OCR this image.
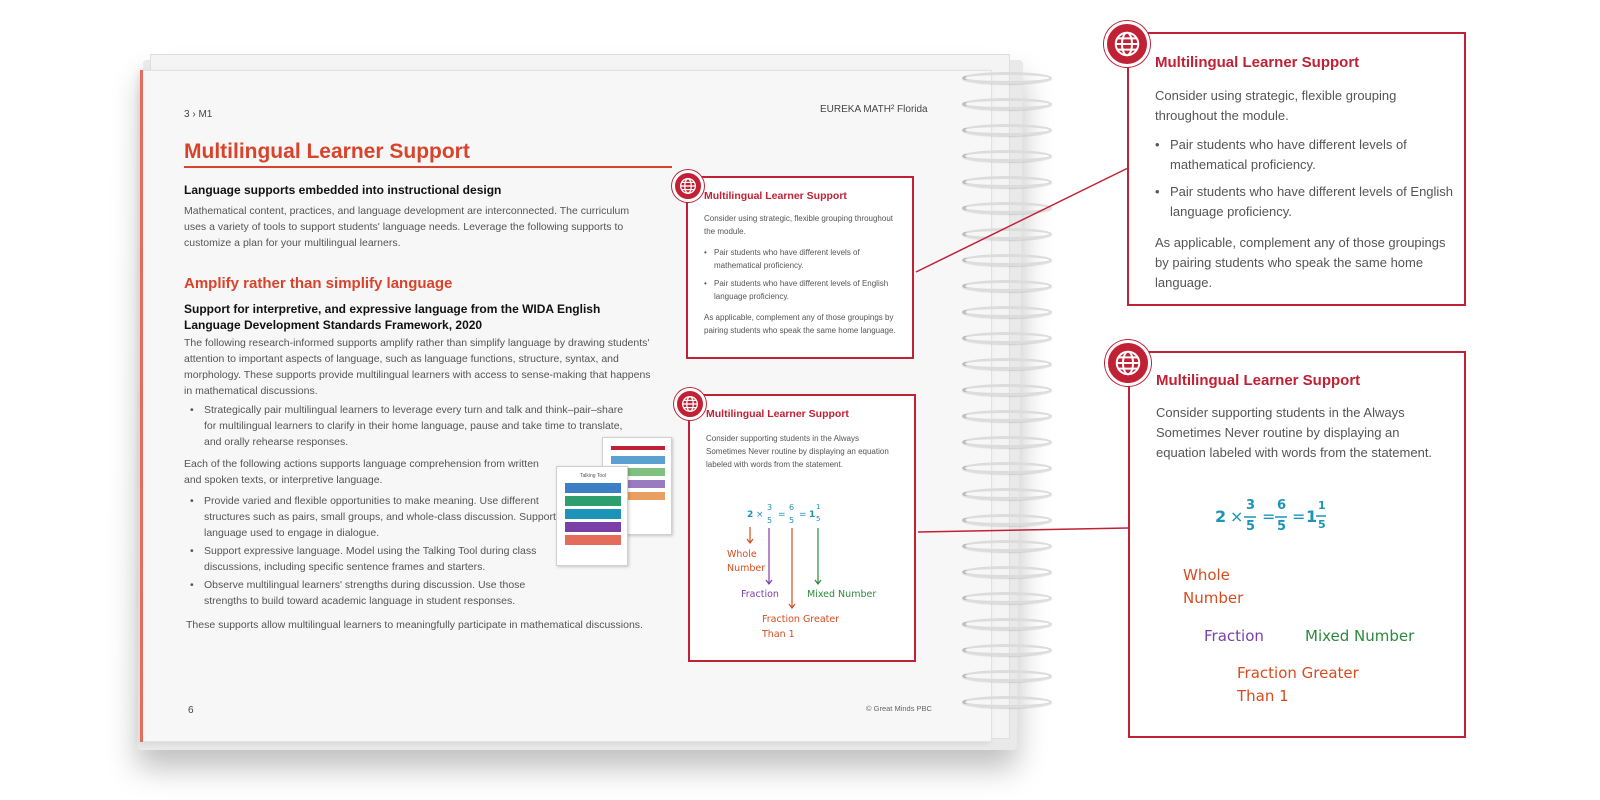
3 › M1	EUREKA MATH² Florida
Multilingual Learner Support
Language supports embedded into instructional design
Mathematical content, practices, and language development are interconnected. The curriculum uses a variety of tools to support students' language needs. Leverage the following supports to customize a plan for your multilingual learners.
Amplify rather than simplify language
Support for interpretive, and expressive language from the WIDA English Language Development Standards Framework, 2020
The following research-informed supports amplify rather than simplify language by drawing students' attention to important aspects of language, such as language functions, structure, syntax, and morphology. These supports provide multilingual learners with access to sense-making that happens in mathematical discussions.
• Strategically pair multilingual learners to leverage every turn and talk and think–pair–share for multilingual learners to clarify in their home language, pause and take time to translate, and orally rehearse responses.
Each of the following actions supports language comprehension from written and spoken texts, or interpretive language.
• Provide varied and flexible opportunities to make meaning. Use different structures such as pairs, small groups, and whole-class discussion. Support language used to engage in dialogue.
• Support expressive language. Model using the Talking Tool during class discussions, including specific sentence frames and starters.
• Observe multilingual learners' strengths during discussion. Use those strengths to build toward academic language in student responses.
These supports allow multilingual learners to meaningfully participate in mathematical discussions.
Talking Tool
Multilingual Learner Support
Consider using strategic, flexible grouping throughout the module.
• Pair students who have different levels of mathematical proficiency.
• Pair students who have different levels of English language proficiency.
As applicable, complement any of those groupings by pairing students who speak the same home language.
Multilingual Learner Support
Consider supporting students in the Always Sometimes Never routine by displaying an equation labeled with words from the statement.
2 ×
3
5
=
6
5
= 1
1
5
Whole
Number
Fraction	Mixed Number
Fraction Greater
Than 1
6	© Great Minds PBC
Multilingual Learner Support
Consider using strategic, flexible grouping throughout the module.
• Pair students who have different levels of mathematical proficiency.
• Pair students who have different levels of English language proficiency.
As applicable, complement any of those groupings by pairing students who speak the same home language.
Multilingual Learner Support
Consider supporting students in the Always Sometimes Never routine by displaying an equation labeled with words from the statement.
2 ×
3
5
=
6
5
= 1
1
5
Whole
Number
Fraction	Mixed Number
Fraction Greater
Than 1
